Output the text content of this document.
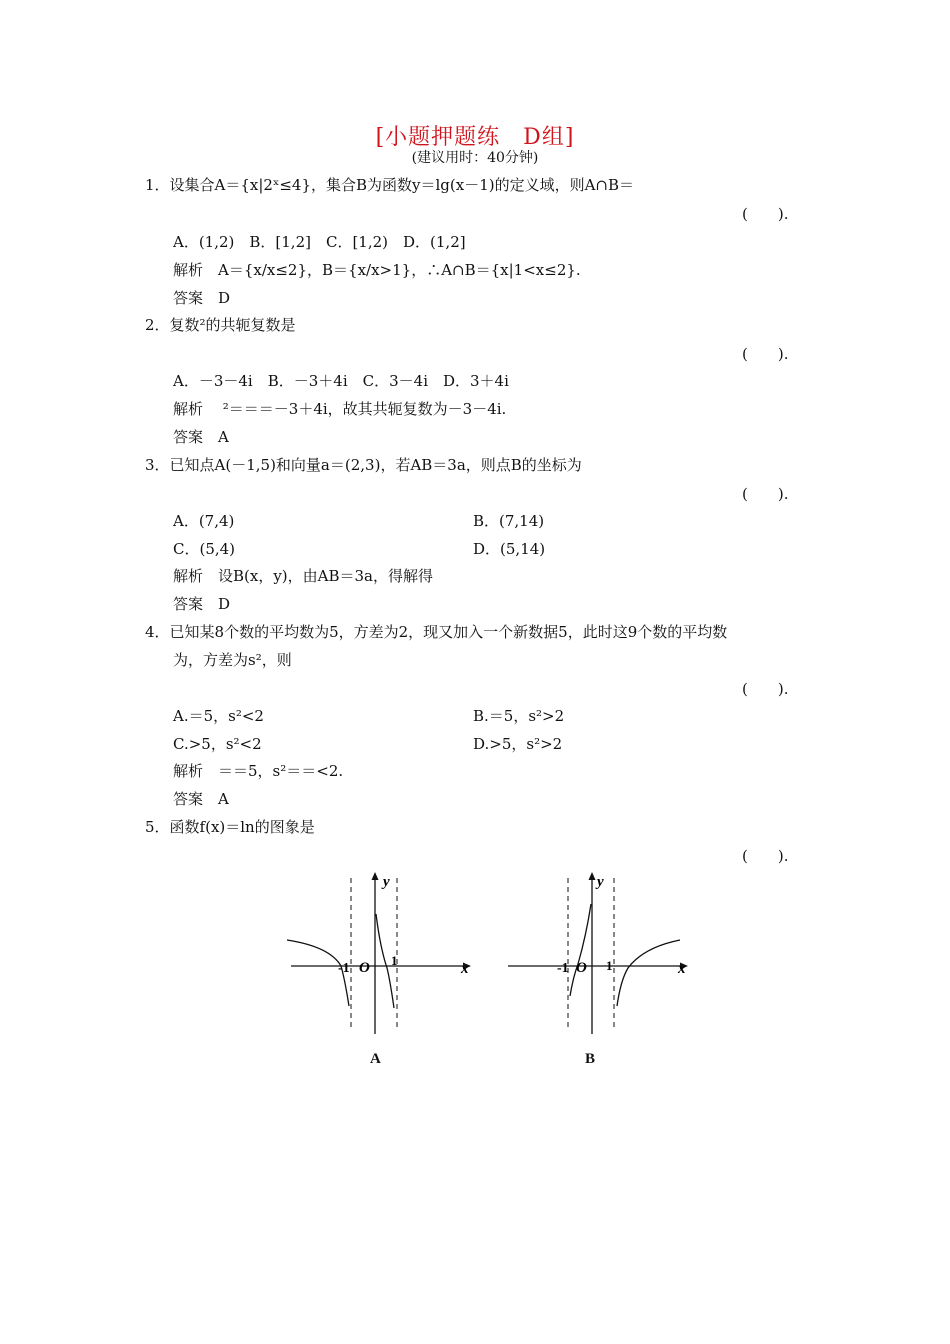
[小题押题练　D组]
(建议用时：40分钟)
1．设集合A＝{x|2ˣ≤4}，集合B为函数y＝lg(x－1)的定义域，则A∩B＝
(　　).
A．(1,2)　B．[1,2]　C．[1,2)　D．(1,2]
解析　A＝{x/x≤2}，B＝{x/x>1}，∴A∩B＝{x|1<x≤2}.
答案　D
2．复数²的共轭复数是
(　　).
A．－3－4i　B．－3＋4i　C．3－4i　D．3＋4i
解析　 ²＝＝＝－3＋4i，故其共轭复数为－3－4i.
答案　A
3．已知点A(－1,5)和向量a＝(2,3)，若AB＝3a，则点B的坐标为
(　　).
A．(7,4)	B．(7,14)
C．(5,4)	D．(5,14)
解析　设B(x，y)，由AB＝3a，得解得
答案　D
4．已知某8个数的平均数为5，方差为2，现又加入一个新数据5，此时这9个数的平均数
为，方差为s²，则
(　　).
A.＝5，s²<2	B.＝5，s²>2
C.>5，s²<2	D.>5，s²>2
解析　＝＝5，s²＝＝<2.
答案　A
5．函数f(x)＝ln的图象是
(　　).
y
x
O
-1
1
A
y
x
O
-1	1
B
